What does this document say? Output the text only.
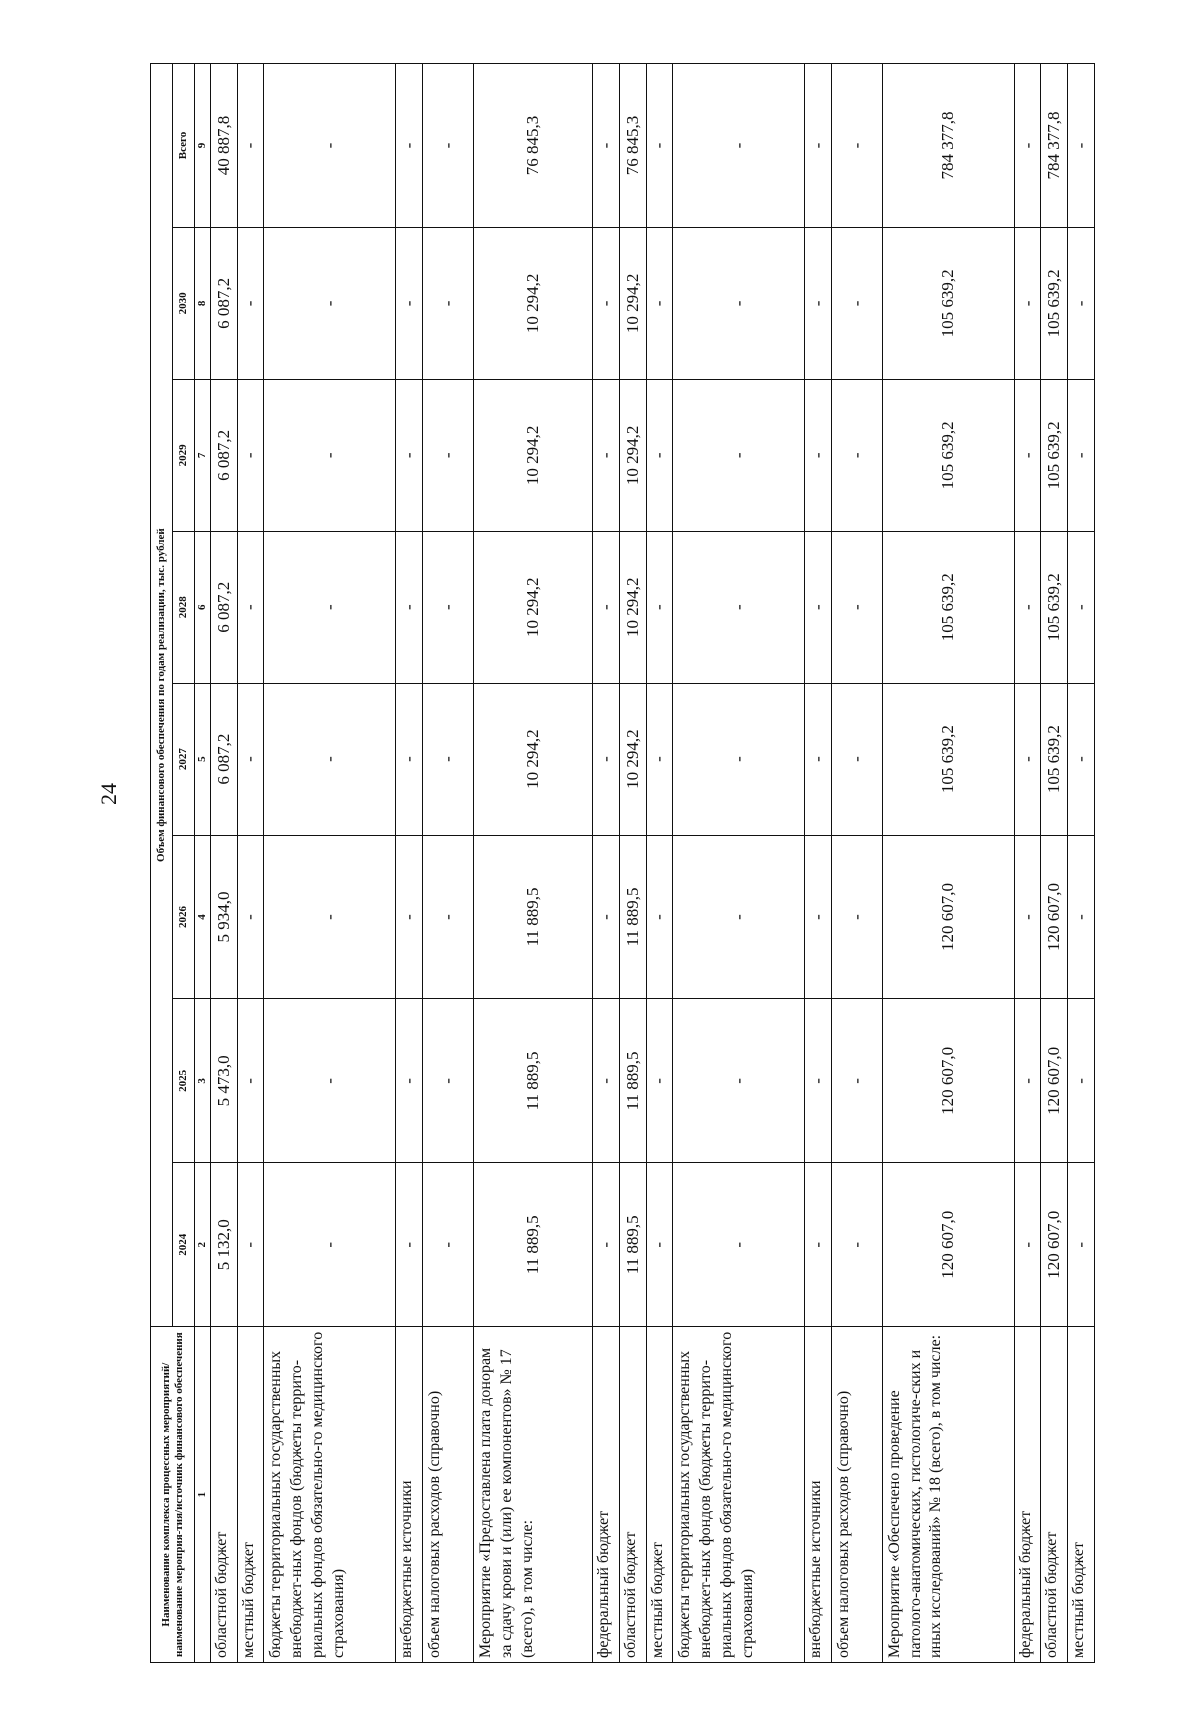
24
Наименование комплекса процессных мероприятий/наименование мероприя-тия/источник финансового обеспечения	Объем финансового обеспечения по годам реализации, тыс. рублей							
	2024	2025	2026	2027	2028	2029	2030	Всего
1	2	3	4	5	6	7	8	9
областной бюджет	5 132,0	5 473,0	5 934,0	6 087,2	6 087,2	6 087,2	6 087,2	40 887,8
местный бюджет	-	-	-	-	-	-	-	-
бюджеты территориальных государственных внебюджет-ных фондов (бюджеты террито-риальных фондов обязательно-го медицинского страхования)	-	-	-	-	-	-	-	-
внебюджетные источники	-	-	-	-	-	-	-	-
объем налоговых расходов (справочно)	-	-	-	-	-	-	-	-
Мероприятие «Предоставлена плата донорам за сдачу крови и (или) ее компонентов» № 17 (всего), в том числе:	11 889,5	11 889,5	11 889,5	10 294,2	10 294,2	10 294,2	10 294,2	76 845,3
федеральный бюджет	-	-	-	-	-	-	-	-
областной бюджет	11 889,5	11 889,5	11 889,5	10 294,2	10 294,2	10 294,2	10 294,2	76 845,3
местный бюджет	-	-	-	-	-	-	-	-
бюджеты территориальных государственных внебюджет-ных фондов (бюджеты террито-риальных фондов обязательно-го медицинского страхования)	-	-	-	-	-	-	-	-
внебюджетные источники	-	-	-	-	-	-	-	-
объем налоговых расходов (справочно)	-	-	-	-	-	-	-	-
Мероприятие «Обеспечено проведение патолого-анатомических, гистологиче-ских и иных исследований» № 18 (всего), в том числе:	120 607,0	120 607,0	120 607,0	105 639,2	105 639,2	105 639,2	105 639,2	784 377,8
федеральный бюджет	-	-	-	-	-	-	-	-
областной бюджет	120 607,0	120 607,0	120 607,0	105 639,2	105 639,2	105 639,2	105 639,2	784 377,8
местный бюджет	-	-	-	-	-	-	-	-
